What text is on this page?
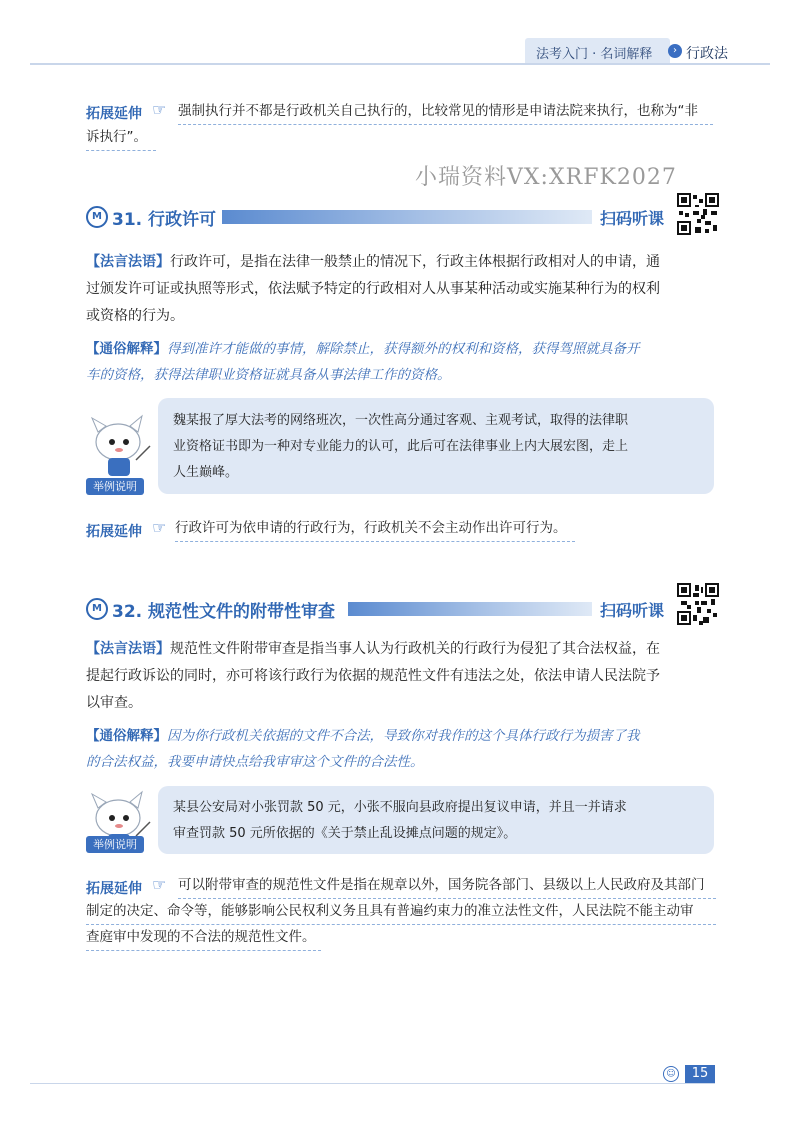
法考入门 · 名词解释	› 行政法
拓展延伸 ☞ 强制执行并不都是行政机关自己执行的，比较常见的情形是申请法院来执行，也称为“非
诉执行”。
小瑞资料VX:XRFK2027
M 31. 行政许可	扫码听课
【法言法语】行政许可，是指在法律一般禁止的情况下，行政主体根据行政相对人的申请，通
过颁发许可证或执照等形式，依法赋予特定的行政相对人从事某种活动或实施某种行为的权利
或资格的行为。
【通俗解释】得到准许才能做的事情，解除禁止，获得额外的权利和资格，获得驾照就具备开
车的资格，获得法律职业资格证就具备从事法律工作的资格。
举例说明
魏某报了厚大法考的网络班次，一次性高分通过客观、主观考试，取得的法律职
业资格证书即为一种对专业能力的认可，此后可在法律事业上内大展宏图，走上
人生巅峰。
拓展延伸 ☞ 行政许可为依申请的行政行为，行政机关不会主动作出许可行为。
M 32. 规范性文件的附带性审查	扫码听课
【法言法语】规范性文件附带审查是指当事人认为行政机关的行政行为侵犯了其合法权益，在
提起行政诉讼的同时，亦可将该行政行为依据的规范性文件有违法之处，依法申请人民法院予
以审查。
【通俗解释】因为你行政机关依据的文件不合法，导致你对我作的这个具体行政行为损害了我
的合法权益，我要申请快点给我审审这个文件的合法性。
举例说明
某县公安局对小张罚款 50 元，小张不服向县政府提出复议申请，并且一并请求
审查罚款 50 元所依据的《关于禁止乱设摊点问题的规定》。
拓展延伸 ☞ 可以附带审查的规范性文件是指在规章以外，国务院各部门、县级以上人民政府及其部门
制定的决定、命令等，能够影响公民权利义务且具有普遍约束力的准立法性文件，人民法院不能主动审
查庭审中发现的不合法的规范性文件。
☺	15
